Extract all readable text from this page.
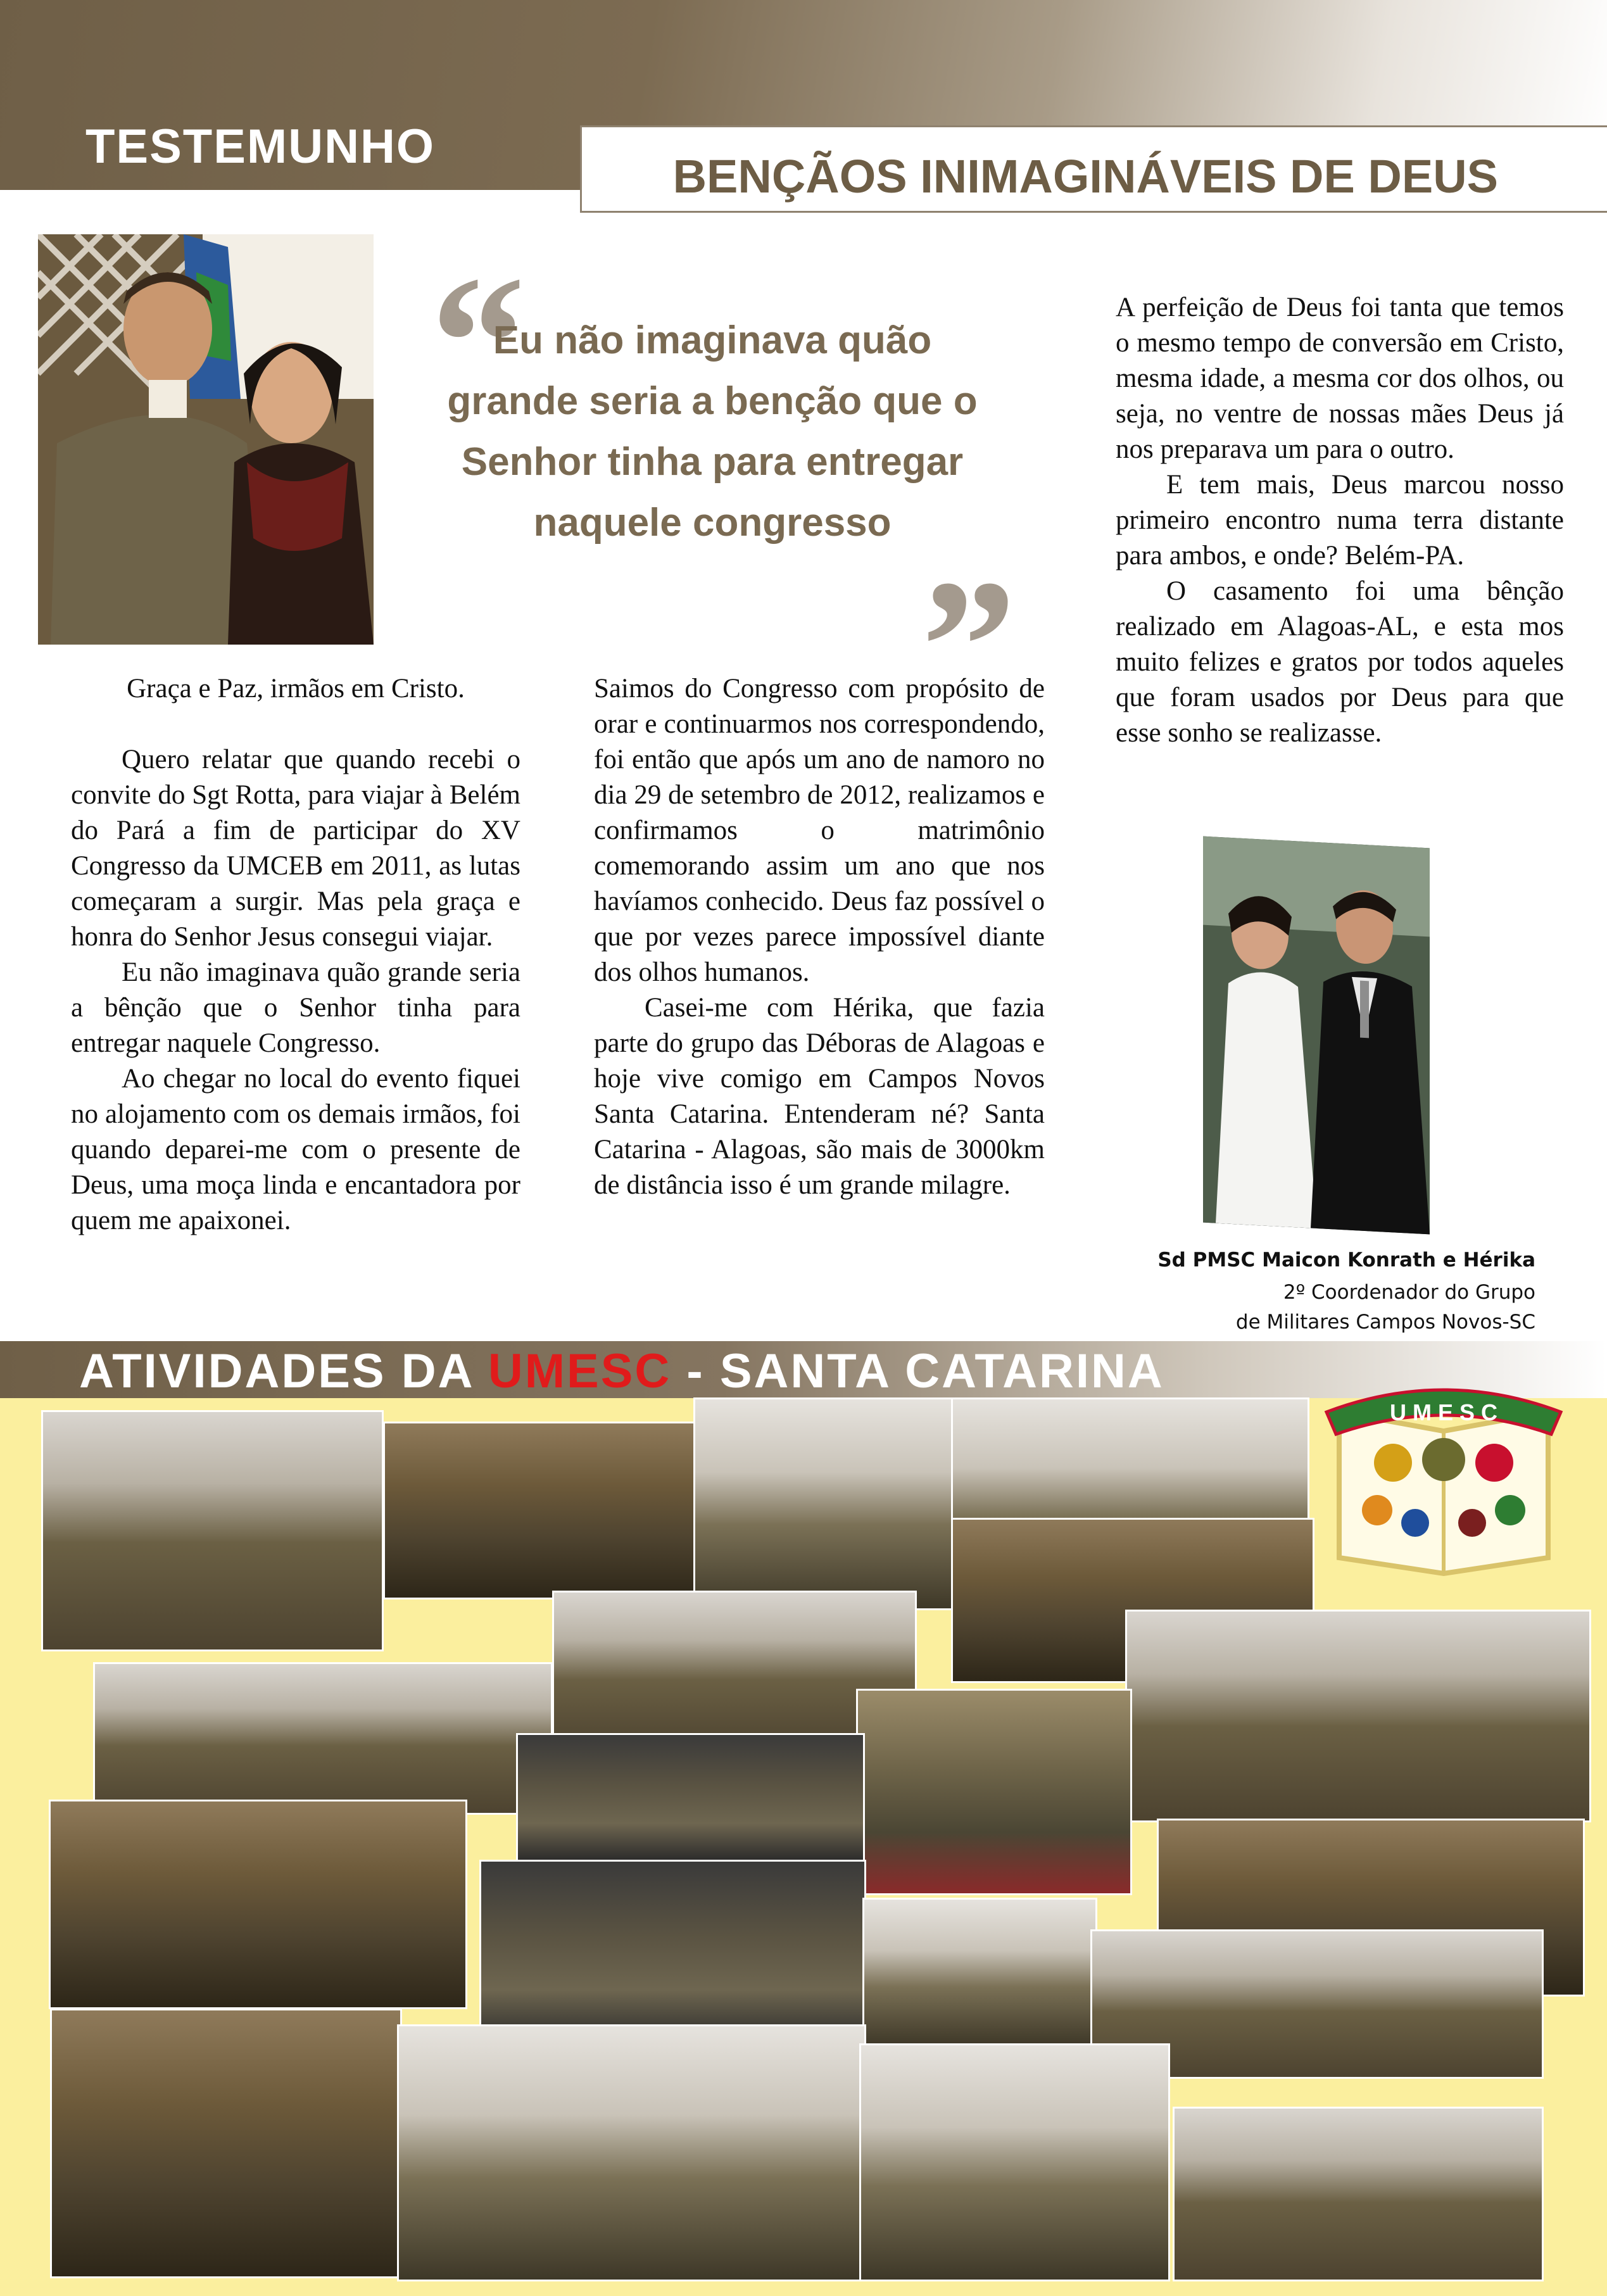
TESTEMUNHO
BENÇÃOS INIMAGINÁVEIS DE DEUS
“
Eu não imaginava quão grande seria a benção que o Senhor tinha para entregar naquele congresso
”

Graça e Paz, irmãos em Cristo.

Quero relatar que quando recebi o convite do Sgt Rotta, para viajar à Belém do Pará a fim de participar do XV Congresso da UMCEB em 2011, as lutas começaram a surgir. Mas pela graça e honra do Senhor Jesus consegui viajar.

Eu não imaginava quão grande seria a bênção que o Senhor tinha para entregar naquele Congresso.

Ao chegar no local do evento fiquei no alojamento com os demais irmãos, foi quando deparei-me com o presente de Deus, uma moça linda e encantadora por quem me apaixonei.

Saimos do Congresso com propósito de orar e continuarmos nos correspondendo, foi então que após um ano de namoro no dia 29 de setembro de 2012, realizamos e confirmamos o matrimônio comemorando assim um ano que nos havíamos conhecido. Deus faz possível o que por vezes parece impossível diante dos olhos humanos.

Casei-me com Hérika, que fazia parte do grupo das Déboras de Alagoas e hoje vive comigo em Campos Novos Santa Catarina. Entenderam né? Santa Catarina - Alagoas, são mais de 3000km de distância isso é um grande milagre.

A perfeição de Deus foi tanta que temos o mesmo tempo de conversão em Cristo, mesma idade, a mesma cor dos olhos, ou seja, no ventre de nossas mães Deus já nos preparava um para o outro.

E tem mais, Deus marcou nosso primeiro encontro numa terra distante para ambos, e onde? Belém-PA.

O casamento foi uma bênção realizado em Alagoas-AL, e esta mos muito felizes e gratos por todos aqueles que foram usados por Deus para que esse sonho se realizasse.

Sd PMSC Maicon Konrath e Hérika
2º Coordenador do Grupo
de Militares Campos Novos-SC
ATIVIDADES DA UMESC - SANTA CATARINA
U M E S C
